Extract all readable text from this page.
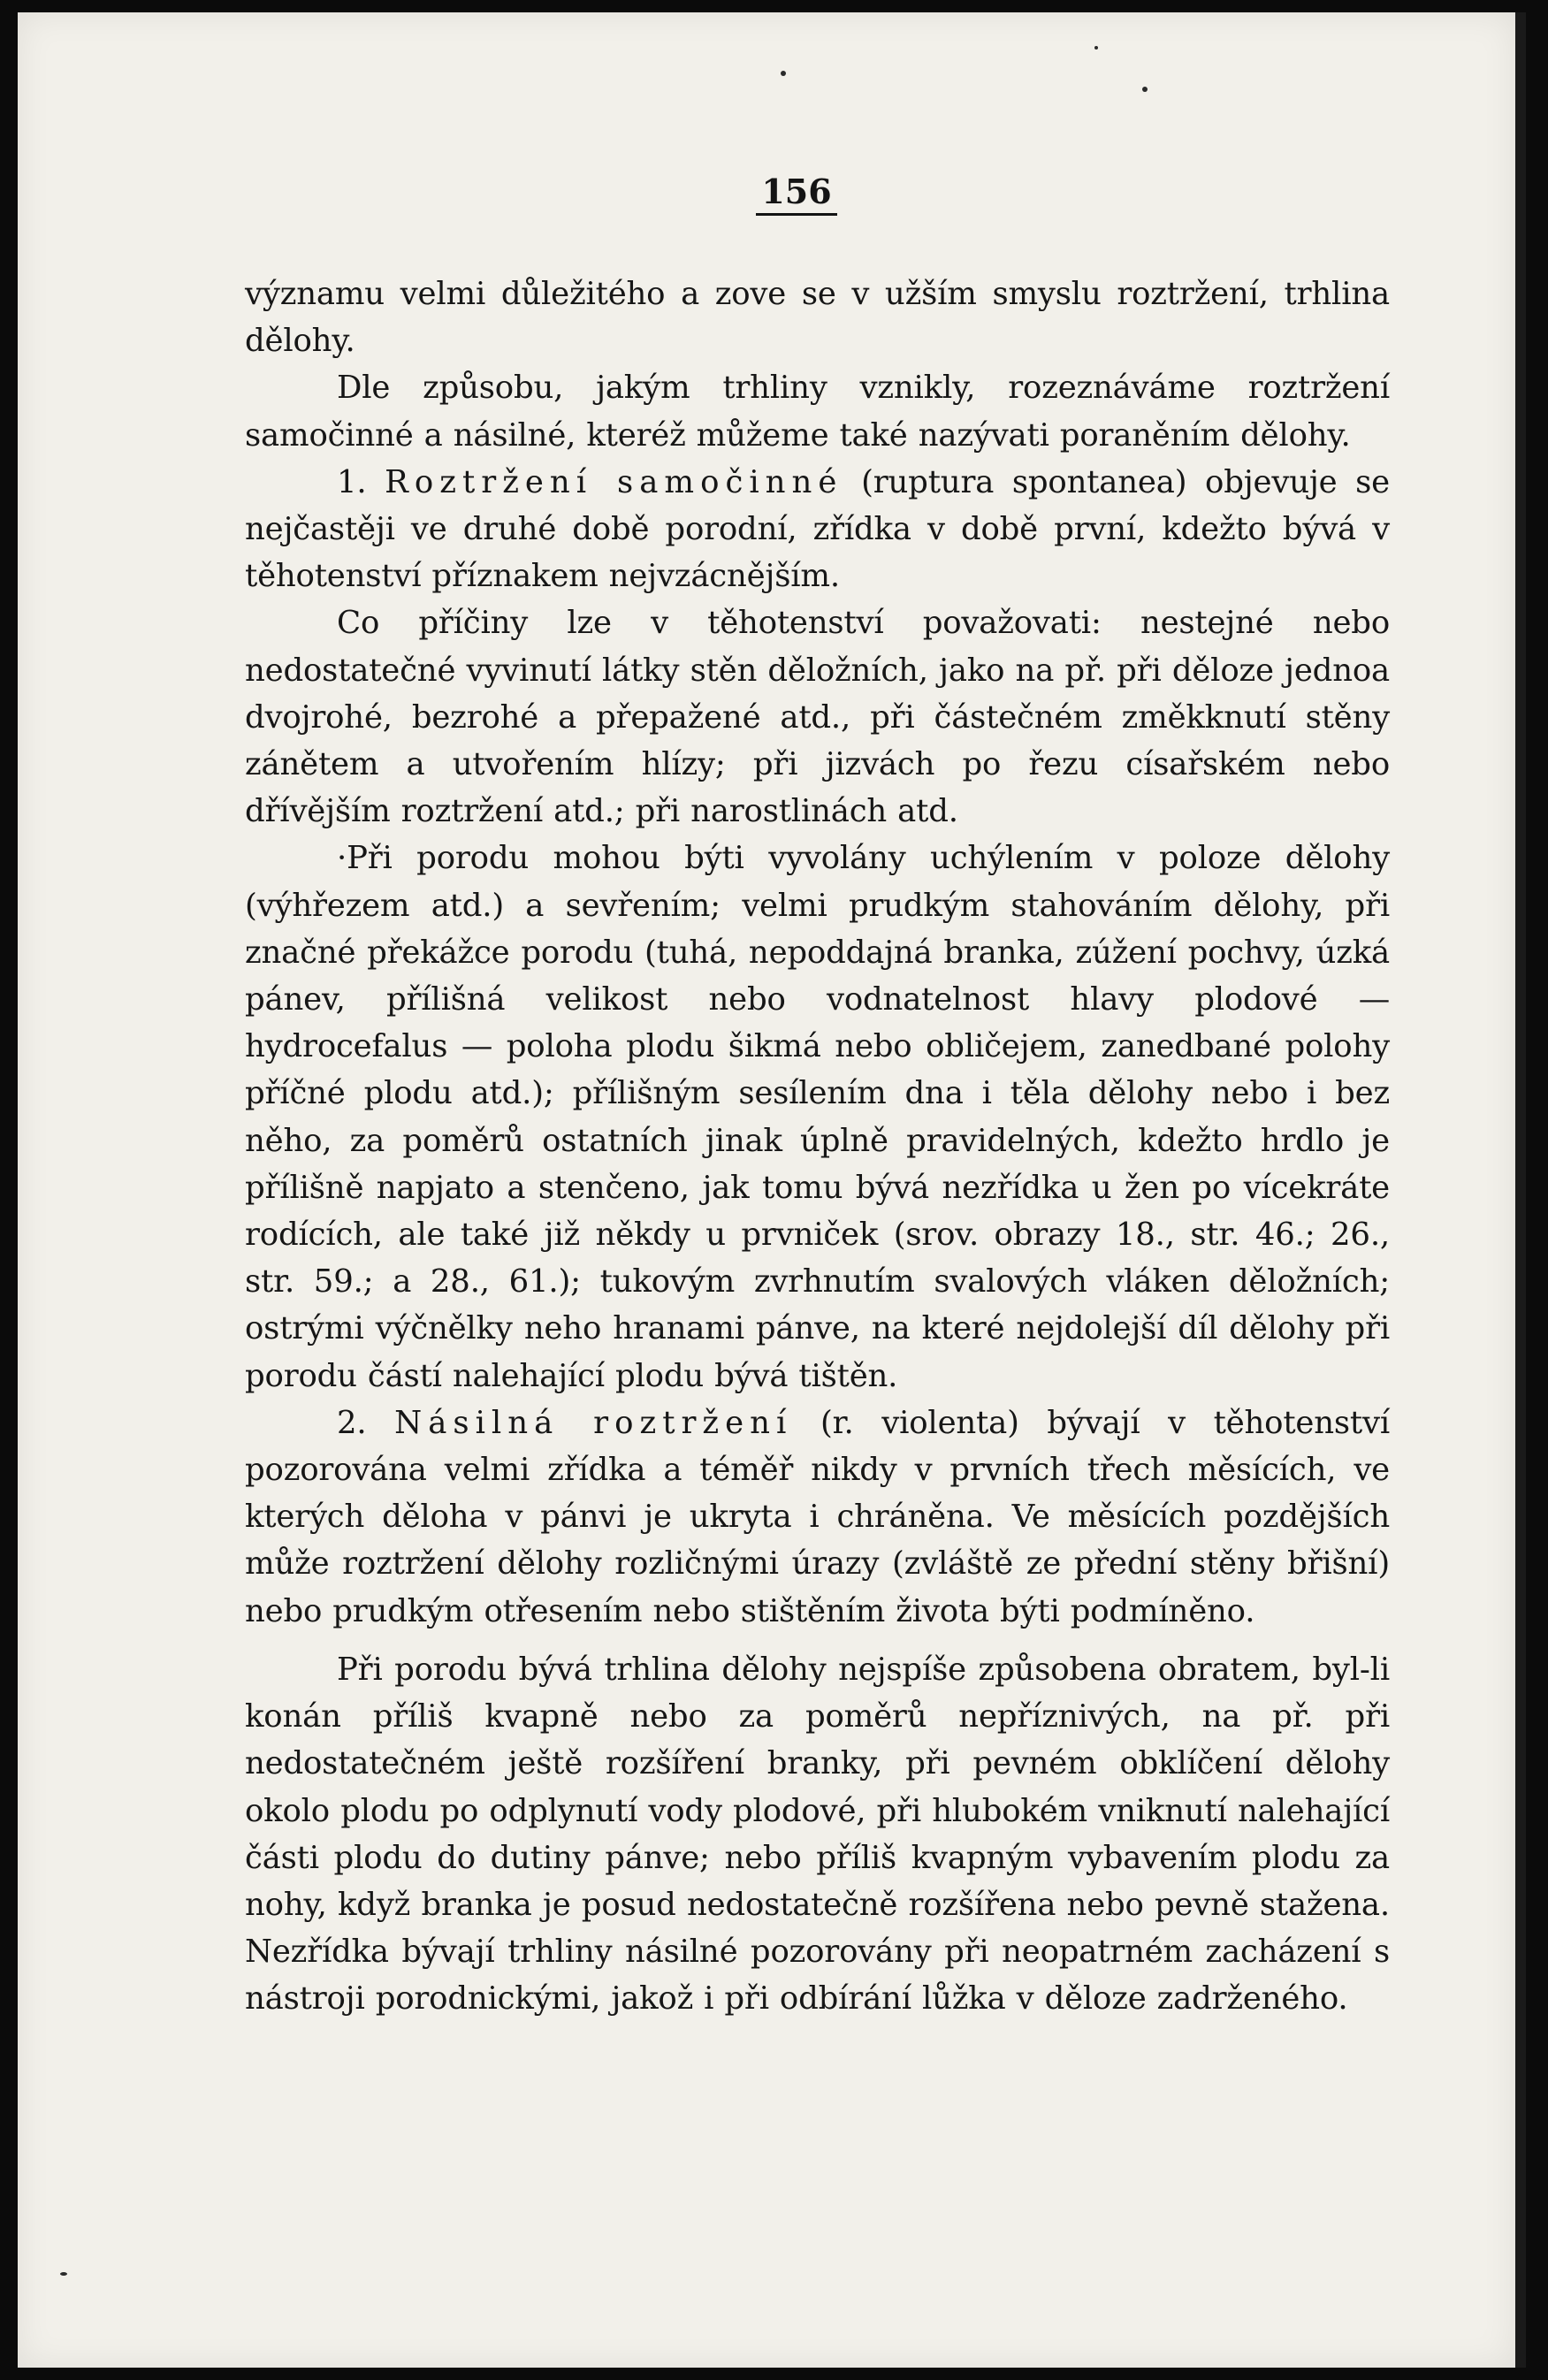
156

významu velmi důležitého a zove se v užším smyslu roztržení, trhlina dělohy.

Dle způsobu, jakým trhliny vznikly, rozeznáváme roztržení samočinné a násilné, kteréž můžeme také nazývati poraněním dělohy.

1. Roztržení samočinné (ruptura spontanea) objevuje se nejčastěji ve druhé době porodní, zřídka v době první, kdežto bývá v těhotenství příznakem nejvzácnějším.

Co příčiny lze v těhotenství považovati: nestejné nebo nedostatečné vyvinutí látky stěn děložních, jako na př. při děloze jednoa dvojrohé, bezrohé a přepažené atd., při částečném změkknutí stěny zánětem a utvořením hlízy; při jizvách po řezu císařském nebo dřívějším roztržení atd.; při narostlinách atd.

·Při porodu mohou býti vyvolány uchýlením v poloze dělohy (výhřezem atd.) a sevřením; velmi prudkým stahováním dělohy, při značné překážce porodu (tuhá, nepoddajná branka, zúžení pochvy, úzká pánev, přílišná velikost nebo vodnatelnost hlavy plodové — hydrocefalus — poloha plodu šikmá nebo obličejem, zanedbané polohy příčné plodu atd.); přílišným sesílením dna i těla dělohy nebo i bez něho, za poměrů ostatních jinak úplně pravidelných, kdežto hrdlo je přílišně napjato a stenčeno, jak tomu bývá nezřídka u žen po vícekráte rodících, ale také již někdy u prvniček (srov. obrazy 18., str. 46.; 26., str. 59.; a 28., 61.); tukovým zvrhnutím svalových vláken děložních; ostrými výčnělky neho hranami pánve, na které nejdolejší díl dělohy při porodu částí nalehající plodu bývá tištěn.

2. Násilná roztržení (r. violenta) bývají v těhotenství pozorována velmi zřídka a téměř nikdy v prvních třech měsících, ve kterých děloha v pánvi je ukryta i chráněna. Ve měsících pozdějších může roztržení dělohy rozličnými úrazy (zvláště ze přední stěny břišní) nebo prudkým otřesením nebo stištěním života býti podmíněno.

Při porodu bývá trhlina dělohy nejspíše způsobena obratem, byl-li konán příliš kvapně nebo za poměrů nepříznivých, na př. při nedostatečném ještě rozšíření branky, při pevném obklíčení dělohy okolo plodu po odplynutí vody plodové, při hlubokém vniknutí nalehající části plodu do dutiny pánve; nebo příliš kvapným vybavením plodu za nohy, když branka je posud nedostatečně rozšířena nebo pevně stažena. Nezřídka bývají trhliny násilné pozorovány při neopatrném zacházení s nástroji porodnickými, jakož i při odbírání lůžka v děloze zadrženého.
